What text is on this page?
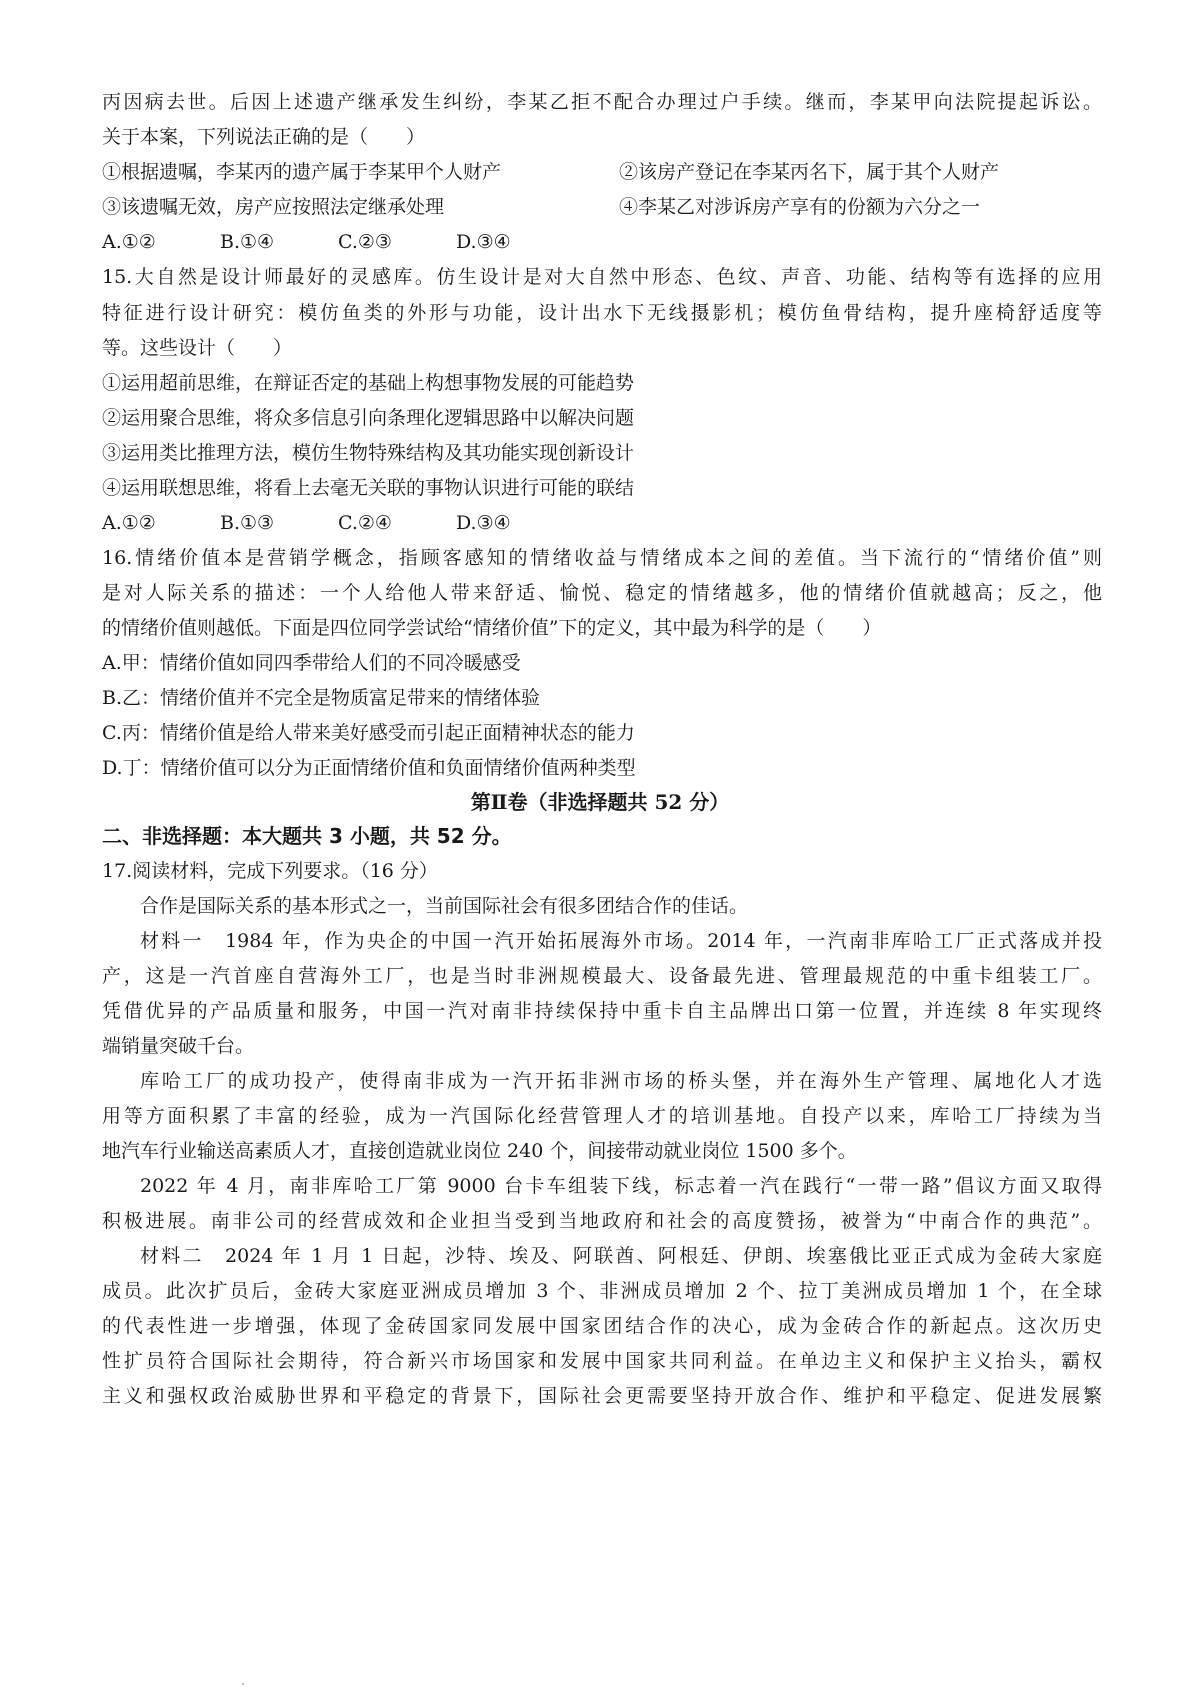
丙因病去世。后因上述遗产继承发生纠纷，李某乙拒不配合办理过户手续。继而，李某甲向法院提起诉讼。
关于本案，下列说法正确的是（　　）
①根据遗嘱，李某丙的遗产属于李某甲个人财产	②该房产登记在李某丙名下，属于其个人财产
③该遗嘱无效，房产应按照法定继承处理	④李某乙对涉诉房产享有的份额为六分之一
A.①②	B.①④	C.②③	D.③④
15.大自然是设计师最好的灵感库。仿生设计是对大自然中形态、色纹、声音、功能、结构等有选择的应用
特征进行设计研究：模仿鱼类的外形与功能，设计出水下无线摄影机；模仿鱼骨结构，提升座椅舒适度等
等。这些设计（　　）
①运用超前思维，在辩证否定的基础上构想事物发展的可能趋势
②运用聚合思维，将众多信息引向条理化逻辑思路中以解决问题
③运用类比推理方法，模仿生物特殊结构及其功能实现创新设计
④运用联想思维，将看上去毫无关联的事物认识进行可能的联结
A.①②	B.①③	C.②④	D.③④
16.情绪价值本是营销学概念，指顾客感知的情绪收益与情绪成本之间的差值。当下流行的“情绪价值”则
是对人际关系的描述：一个人给他人带来舒适、愉悦、稳定的情绪越多，他的情绪价值就越高；反之，他
的情绪价值则越低。下面是四位同学尝试给“情绪价值”下的定义，其中最为科学的是（　　）
A.甲：情绪价值如同四季带给人们的不同冷暖感受
B.乙：情绪价值并不完全是物质富足带来的情绪体验
C.丙：情绪价值是给人带来美好感受而引起正面精神状态的能力
D.丁：情绪价值可以分为正面情绪价值和负面情绪价值两种类型
第Ⅱ卷（非选择题共 52 分）
二、非选择题：本大题共 3 小题，共 52 分。
17.阅读材料，完成下列要求。（16 分）
合作是国际关系的基本形式之一，当前国际社会有很多团结合作的佳话。
材料一　1984 年，作为央企的中国一汽开始拓展海外市场。2014 年，一汽南非库哈工厂正式落成并投
产，这是一汽首座自营海外工厂，也是当时非洲规模最大、设备最先进、管理最规范的中重卡组装工厂。
凭借优异的产品质量和服务，中国一汽对南非持续保持中重卡自主品牌出口第一位置，并连续 8 年实现终
端销量突破千台。
库哈工厂的成功投产，使得南非成为一汽开拓非洲市场的桥头堡，并在海外生产管理、属地化人才选
用等方面积累了丰富的经验，成为一汽国际化经营管理人才的培训基地。自投产以来，库哈工厂持续为当
地汽车行业输送高素质人才，直接创造就业岗位 240 个，间接带动就业岗位 1500 多个。
2022 年 4 月，南非库哈工厂第 9000 台卡车组装下线，标志着一汽在践行“一带一路”倡议方面又取得
积极进展。南非公司的经营成效和企业担当受到当地政府和社会的高度赞扬，被誉为“中南合作的典范”。
材料二　2024 年 1 月 1 日起，沙特、埃及、阿联酋、阿根廷、伊朗、埃塞俄比亚正式成为金砖大家庭
成员。此次扩员后，金砖大家庭亚洲成员增加 3 个、非洲成员增加 2 个、拉丁美洲成员增加 1 个，在全球
的代表性进一步增强，体现了金砖国家同发展中国家团结合作的决心，成为金砖合作的新起点。这次历史
性扩员符合国际社会期待，符合新兴市场国家和发展中国家共同利益。在单边主义和保护主义抬头，霸权
主义和强权政治威胁世界和平稳定的背景下，国际社会更需要坚持开放合作、维护和平稳定、促进发展繁
